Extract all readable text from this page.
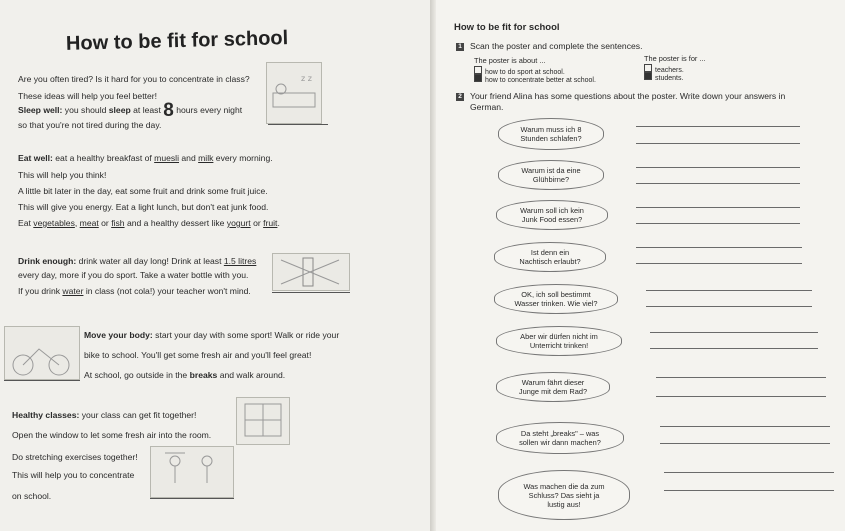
How to be fit for school
Are you often tired? Is it hard for you to concentrate in class?
These ideas will help you feel better!
z z
Sleep well: you should sleep at least 8 hours every night
so that you're not tired during the day.
Eat well: eat a healthy breakfast of muesli and milk every morning.
This will help you think!
A little bit later in the day, eat some fruit and drink some fruit juice.
This will give you energy. Eat a light lunch, but don't eat junk food.
Eat vegetables, meat or fish and a healthy dessert like yogurt or fruit.
Drink enough: drink water all day long! Drink at least 1.5 litres
every day, more if you do sport. Take a water bottle with you.
If you drink water in class (not cola!) your teacher won't mind.
Move your body: start your day with some sport! Walk or ride your
bike to school. You'll get some fresh air and you'll feel great!
At school, go outside in the breaks and walk around.
Healthy classes: your class can get fit together!
Open the window to let some fresh air into the room.
Do stretching exercises together!
This will help you to concentrate
on school.
How to be fit for school
1 Scan the poster and complete the sentences.
The poster is about ...
how to do sport at school.
how to concentrate better at school.
The poster is for ...
teachers.
students.
2 Your friend Alina has some questions about the poster. Write down your answers in
German.
Warum muss ich 8
Stunden schlafen?
Warum ist da eine
Glühbirne?
Warum soll ich kein
Junk Food essen?
Ist denn ein
Nachtisch erlaubt?
OK, ich soll bestimmt
Wasser trinken. Wie viel?
Aber wir dürfen nicht im
Unterricht trinken!
Warum fährt dieser
Junge mit dem Rad?
Da steht „breaks" – was
sollen wir dann machen?
Was machen die da zum
Schluss? Das sieht ja
lustig aus!
